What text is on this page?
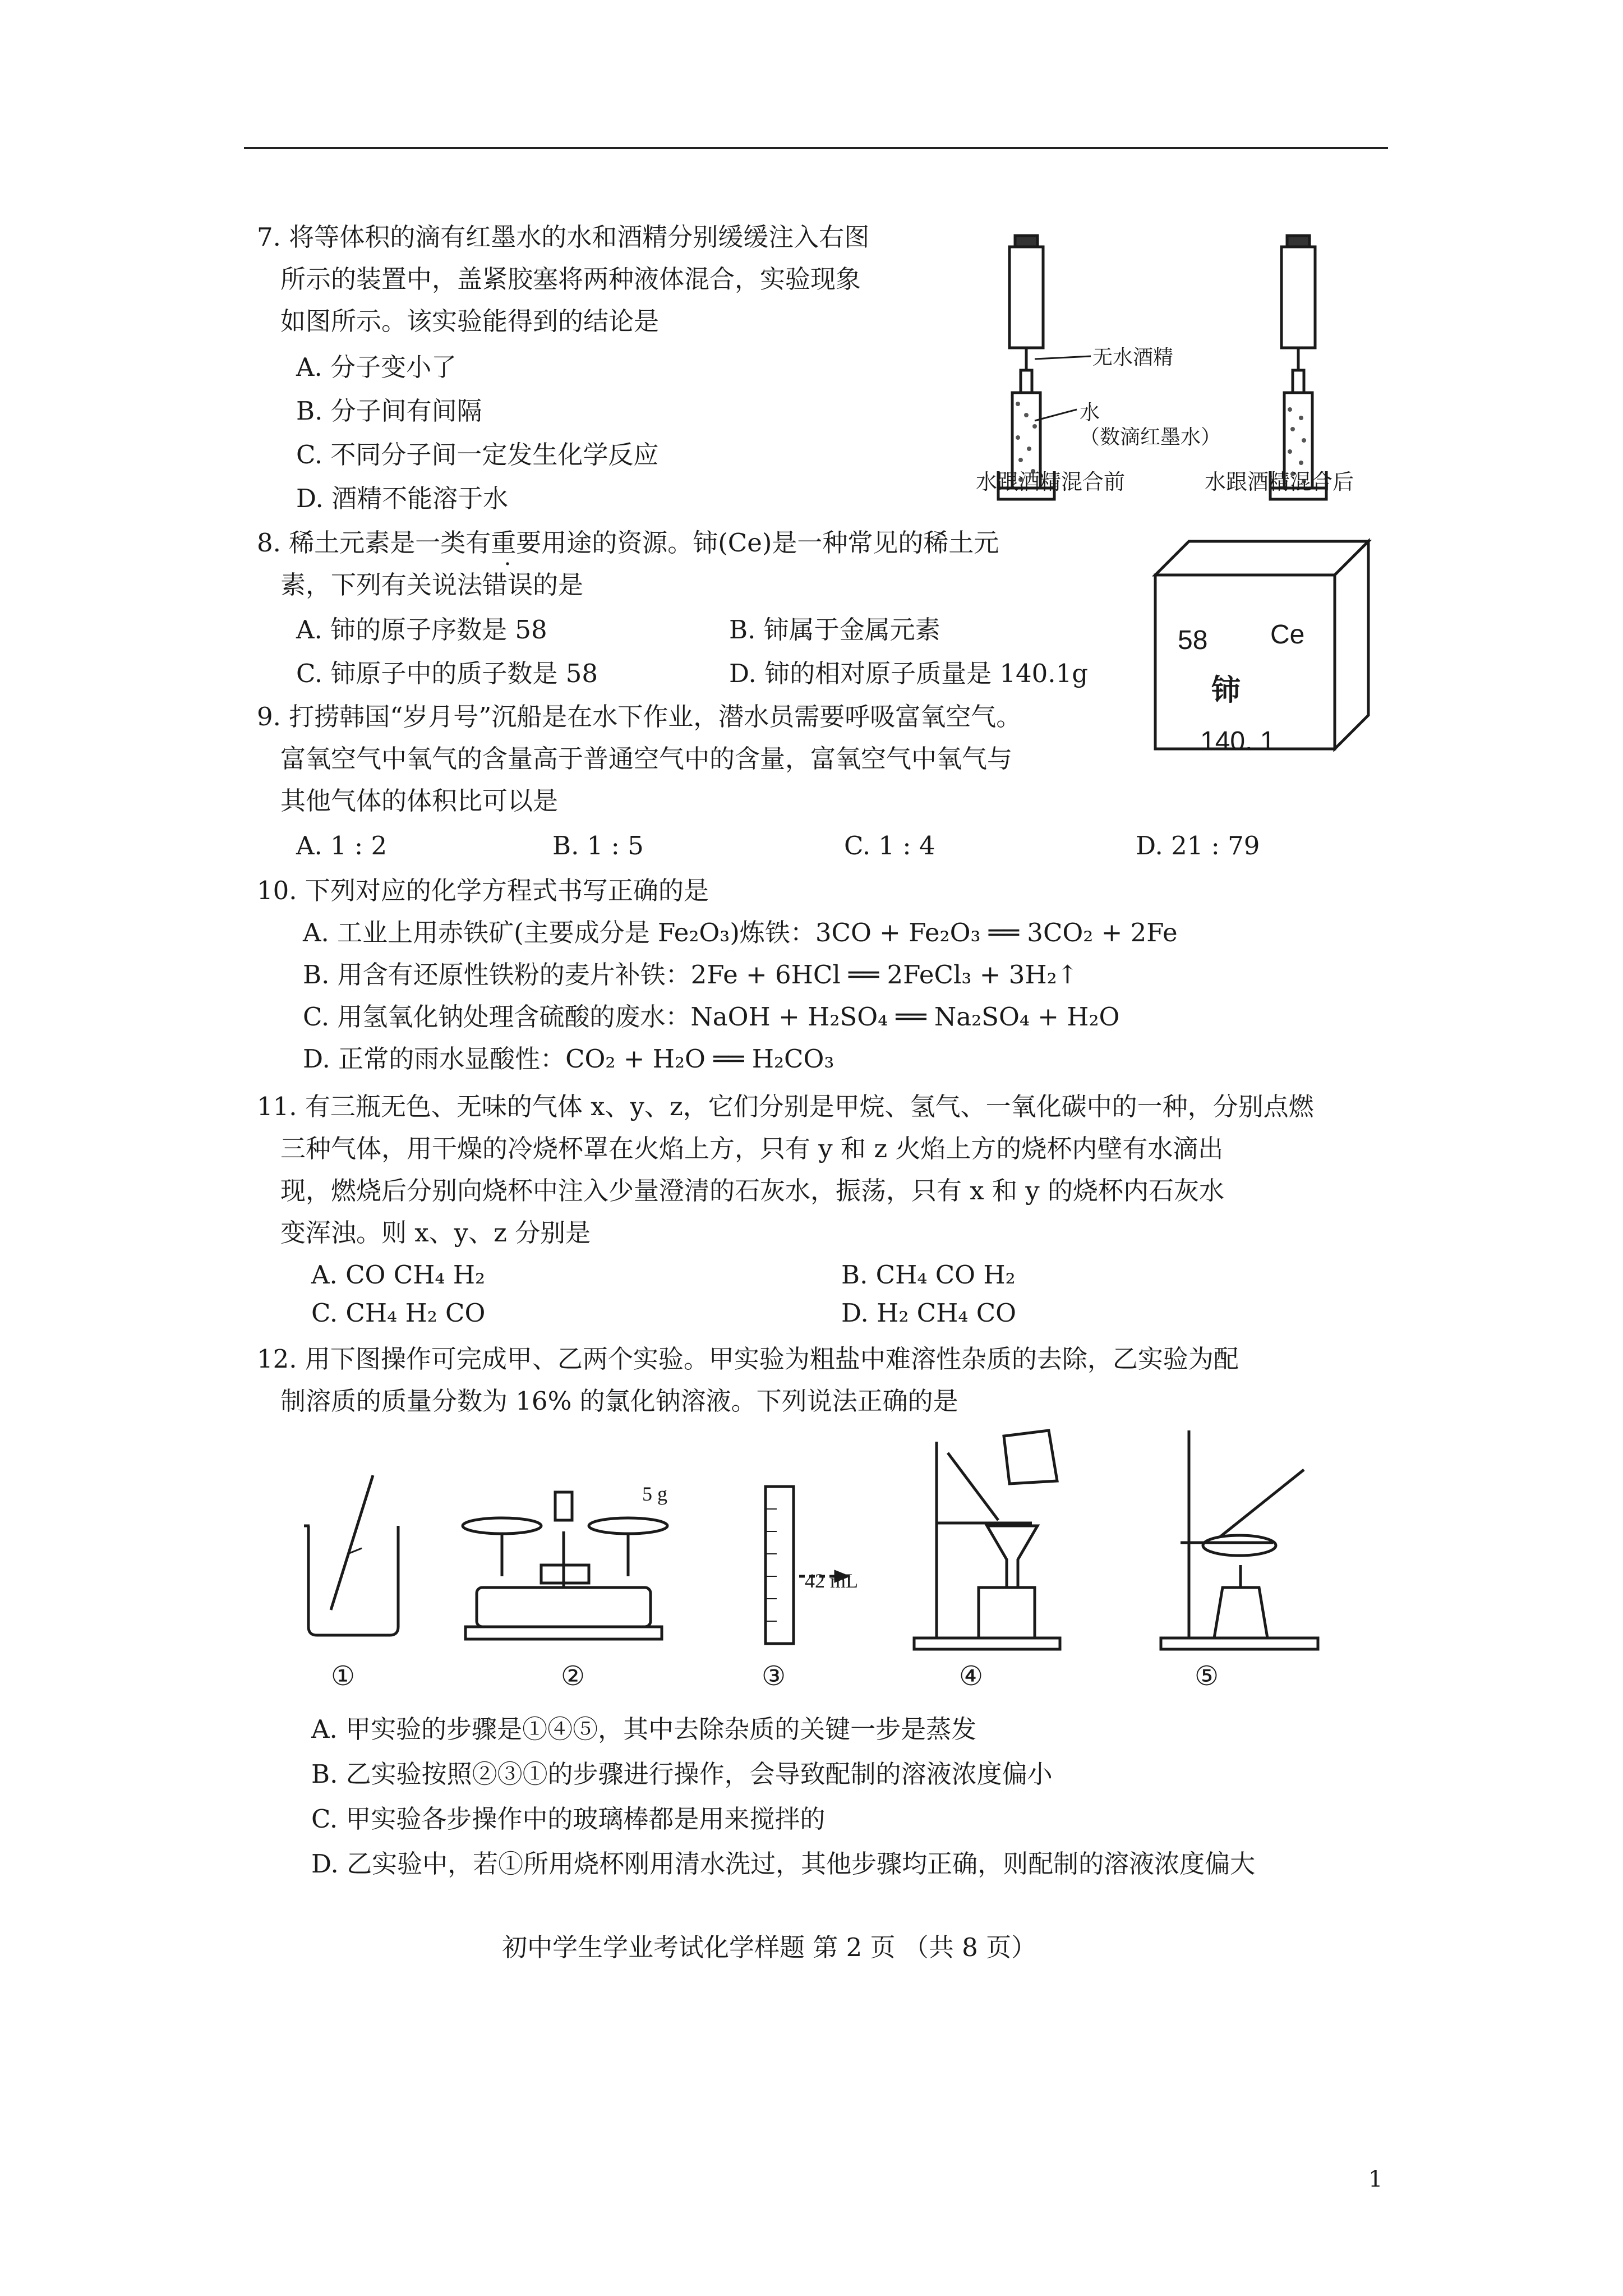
7. 将等体积的滴有红墨水的水和酒精分别缓缓注入右图
所示的装置中，盖紧胶塞将两种液体混合，实验现象
如图所示。该实验能得到的结论是
A. 分子变小了
B. 分子间有间隔
C. 不同分子间一定发生化学反应
D. 酒精不能溶于水
无水酒精
水
（数滴红墨水）
水跟酒精混合前	水跟酒精混合后
8. 稀土元素是一类有重要用途的资源。铈(Ce)是一种常见的稀土元
素，下列有关说法错误的是
A. 铈的原子序数是 58	B. 铈属于金属元素
C. 铈原子中的质子数是 58	D. 铈的相对原子质量是 140.1g
58 Ce
铈
140. 1
9. 打捞韩国“岁月号”沉船是在水下作业，潜水员需要呼吸富氧空气。
富氧空气中氧气的含量高于普通空气中的含量，富氧空气中氧气与
其他气体的体积比可以是
A. 1 : 2	B. 1 : 5	C. 1 : 4	D. 21 : 79
10. 下列对应的化学方程式书写正确的是
A. 工业上用赤铁矿(主要成分是 Fe₂O₃)炼铁：3CO + Fe₂O₃ ══ 3CO₂ + 2Fe
B. 用含有还原性铁粉的麦片补铁：2Fe + 6HCl ══ 2FeCl₃ + 3H₂↑
C. 用氢氧化钠处理含硫酸的废水：NaOH + H₂SO₄ ══ Na₂SO₄ + H₂O
D. 正常的雨水显酸性：CO₂ + H₂O ══ H₂CO₃
11. 有三瓶无色、无味的气体 x、y、z，它们分别是甲烷、氢气、一氧化碳中的一种，分别点燃
三种气体，用干燥的冷烧杯罩在火焰上方，只有 y 和 z 火焰上方的烧杯内壁有水滴出
现，燃烧后分别向烧杯中注入少量澄清的石灰水，振荡，只有 x 和 y 的烧杯内石灰水
变浑浊。则 x、y、z 分别是
A. CO CH₄ H₂	B. CH₄ CO H₂
C. CH₄ H₂ CO	D. H₂ CH₄ CO
12. 用下图操作可完成甲、乙两个实验。甲实验为粗盐中难溶性杂质的去除，乙实验为配
制溶质的质量分数为 16% 的氯化钠溶液。下列说法正确的是
5 g
42 mL
①	②	③	④	⑤
A. 甲实验的步骤是①④⑤，其中去除杂质的关键一步是蒸发
B. 乙实验按照②③①的步骤进行操作，会导致配制的溶液浓度偏小
C. 甲实验各步操作中的玻璃棒都是用来搅拌的
D. 乙实验中，若①所用烧杯刚用清水洗过，其他步骤均正确，则配制的溶液浓度偏大
初中学生学业考试化学样题 第 2 页 （共 8 页）
1
